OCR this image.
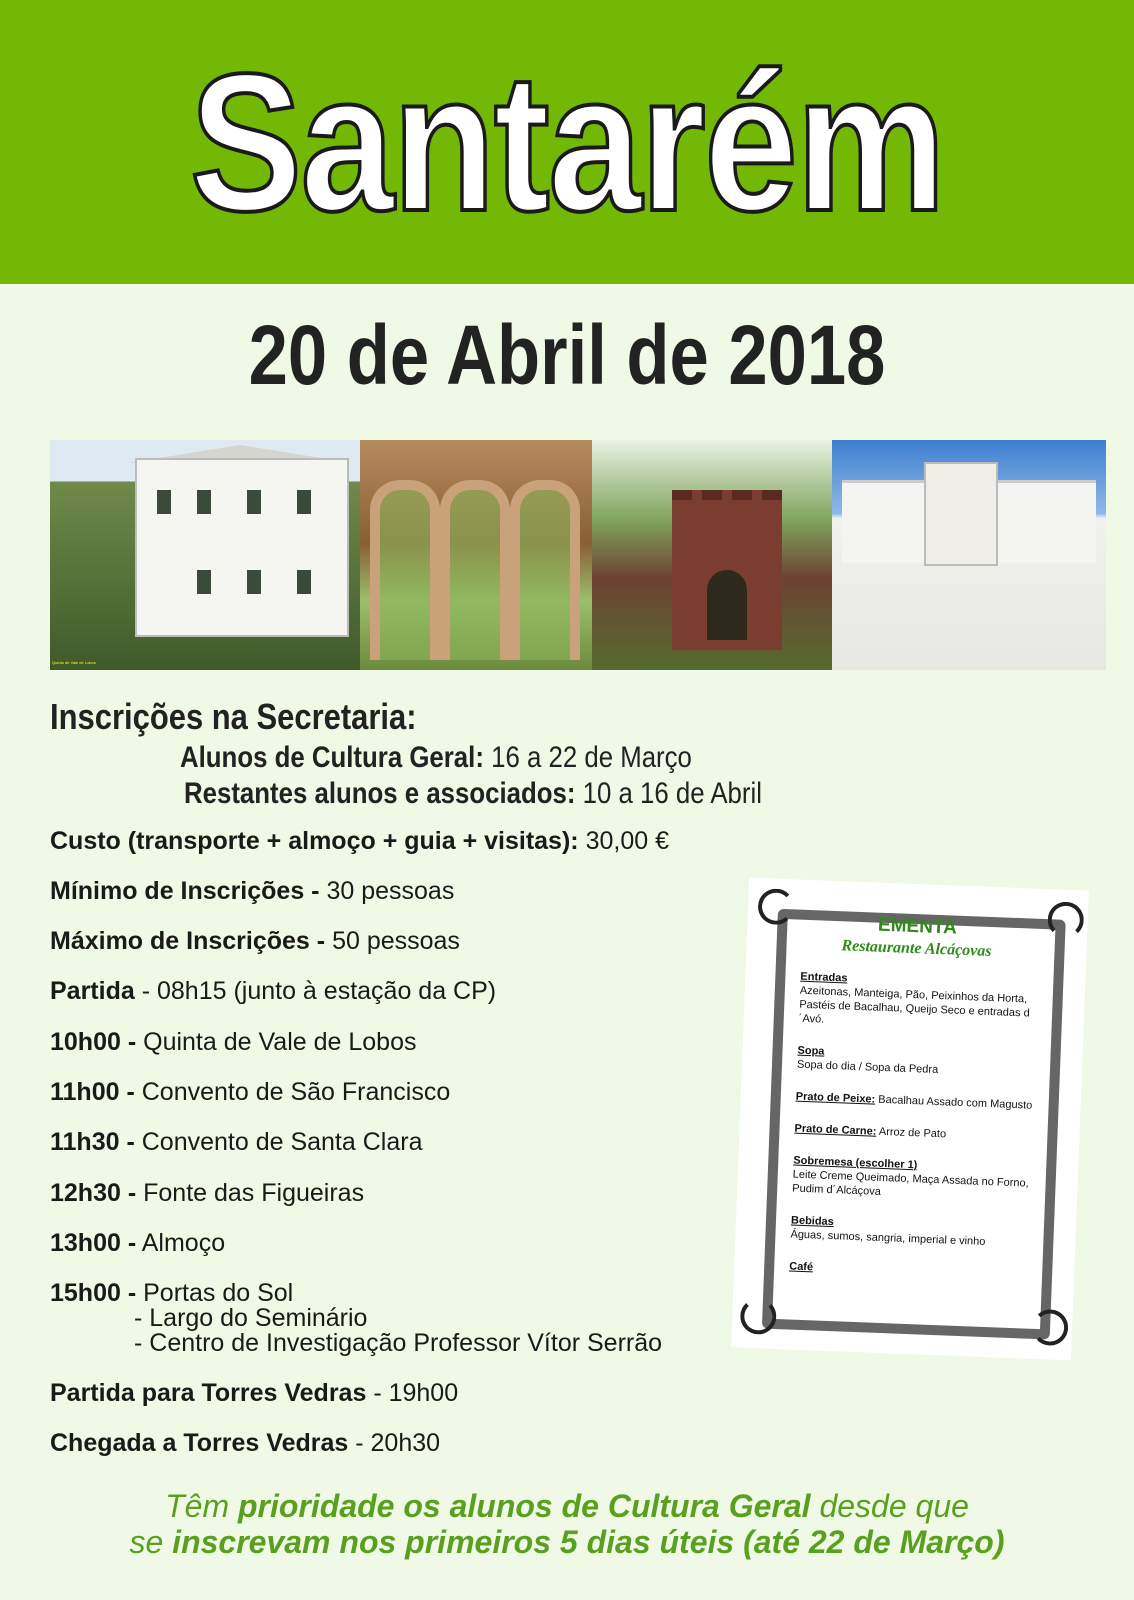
Santarém
20 de Abril de 2018
Quinta de Vale de Lobos
Inscrições na Secretaria:
Alunos de Cultura Geral: 16 a 22 de Março
Restantes alunos e associados: 10 a 16 de Abril
Custo (transporte + almoço + guia + visitas): 30,00 €
Mínimo de Inscrições - 30 pessoas
Máximo de Inscrições - 50 pessoas
Partida - 08h15 (junto à estação da CP)
10h00 - Quinta de Vale de Lobos
11h00 - Convento de São Francisco
11h30 - Convento de Santa Clara
12h30 - Fonte das Figueiras
13h00 - Almoço
15h00 - Portas do Sol
- Largo do Seminário
- Centro de Investigação Professor Vítor Serrão
Partida para Torres Vedras - 19h00
Chegada a Torres Vedras - 20h30
EMENTA
Restaurante Alcáçovas
Entradas
Azeitonas, Manteiga, Pão, Peixinhos da Horta, Pastéis de Bacalhau, Queijo Seco e entradas d´Avó.
Sopa
Sopa do dia / Sopa da Pedra
Prato de Peixe: Bacalhau Assado com Magusto
Prato de Carne: Arroz de Pato
Sobremesa (escolher 1)
Leite Creme Queimado, Maça Assada no Forno, Pudim d´Alcáçova
Bebidas
Águas, sumos, sangria, imperial e vinho
Café
Têm prioridade os alunos de Cultura Geral desde que
se inscrevam nos primeiros 5 dias úteis (até 22 de Março)
